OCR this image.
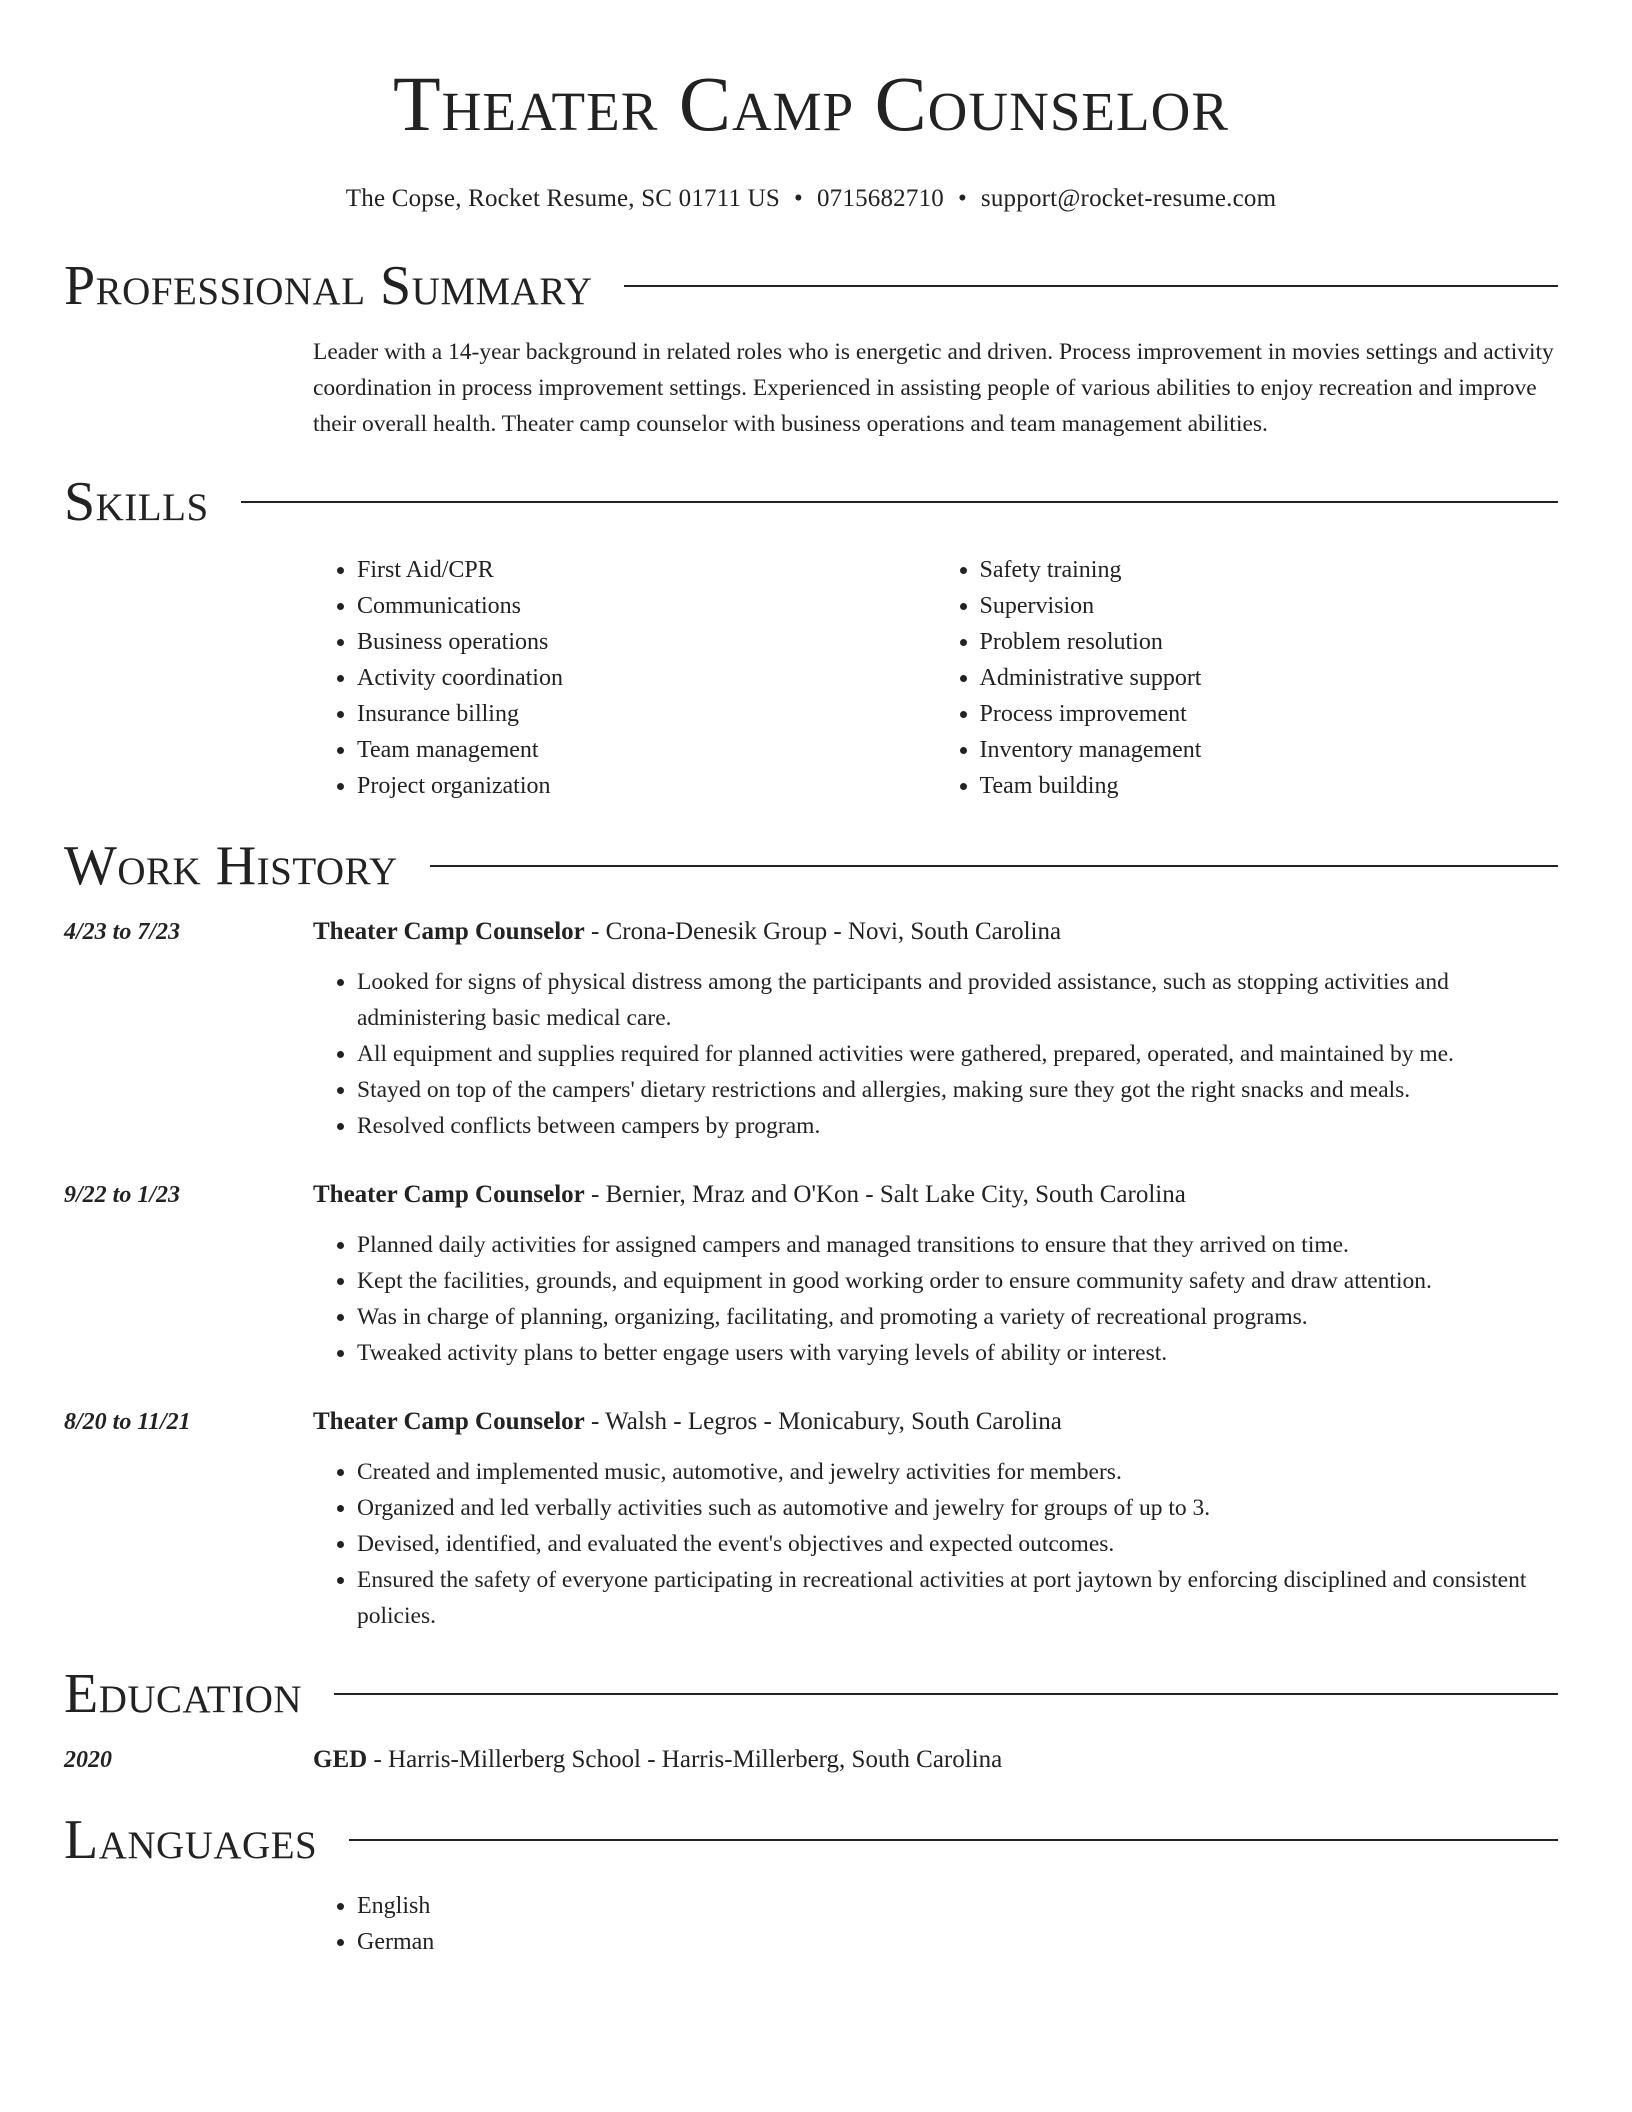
Theater Camp Counselor
The Copse, Rocket Resume, SC 01711 US • 0715682710 • support@rocket-resume.com
Professional Summary

Leader with a 14-year background in related roles who is energetic and driven. Process improvement in movies settings and activity coordination in process improvement settings. Experienced in assisting people of various abilities to enjoy recreation and improve their overall health. Theater camp counselor with business operations and team management abilities.

Skills
• First Aid/CPR
• Communications
• Business operations
• Activity coordination
• Insurance billing
• Team management
• Project organization
• Safety training
• Supervision
• Problem resolution
• Administrative support
• Process improvement
• Inventory management
• Team building
Work History
4/23 to 7/23	Theater Camp Counselor - Crona-Denesik Group - Novi, South Carolina
• Looked for signs of physical distress among the participants and provided assistance, such as stopping activities and administering basic medical care.
• All equipment and supplies required for planned activities were gathered, prepared, operated, and maintained by me.
• Stayed on top of the campers' dietary restrictions and allergies, making sure they got the right snacks and meals.
• Resolved conflicts between campers by program.
9/22 to 1/23	Theater Camp Counselor - Bernier, Mraz and O'Kon - Salt Lake City, South Carolina
• Planned daily activities for assigned campers and managed transitions to ensure that they arrived on time.
• Kept the facilities, grounds, and equipment in good working order to ensure community safety and draw attention.
• Was in charge of planning, organizing, facilitating, and promoting a variety of recreational programs.
• Tweaked activity plans to better engage users with varying levels of ability or interest.
8/20 to 11/21	Theater Camp Counselor - Walsh - Legros - Monicabury, South Carolina
• Created and implemented music, automotive, and jewelry activities for members.
• Organized and led verbally activities such as automotive and jewelry for groups of up to 3.
• Devised, identified, and evaluated the event's objectives and expected outcomes.
• Ensured the safety of everyone participating in recreational activities at port jaytown by enforcing disciplined and consistent policies.
Education
2020	GED - Harris-Millerberg School - Harris-Millerberg, South Carolina
Languages
• English
• German
